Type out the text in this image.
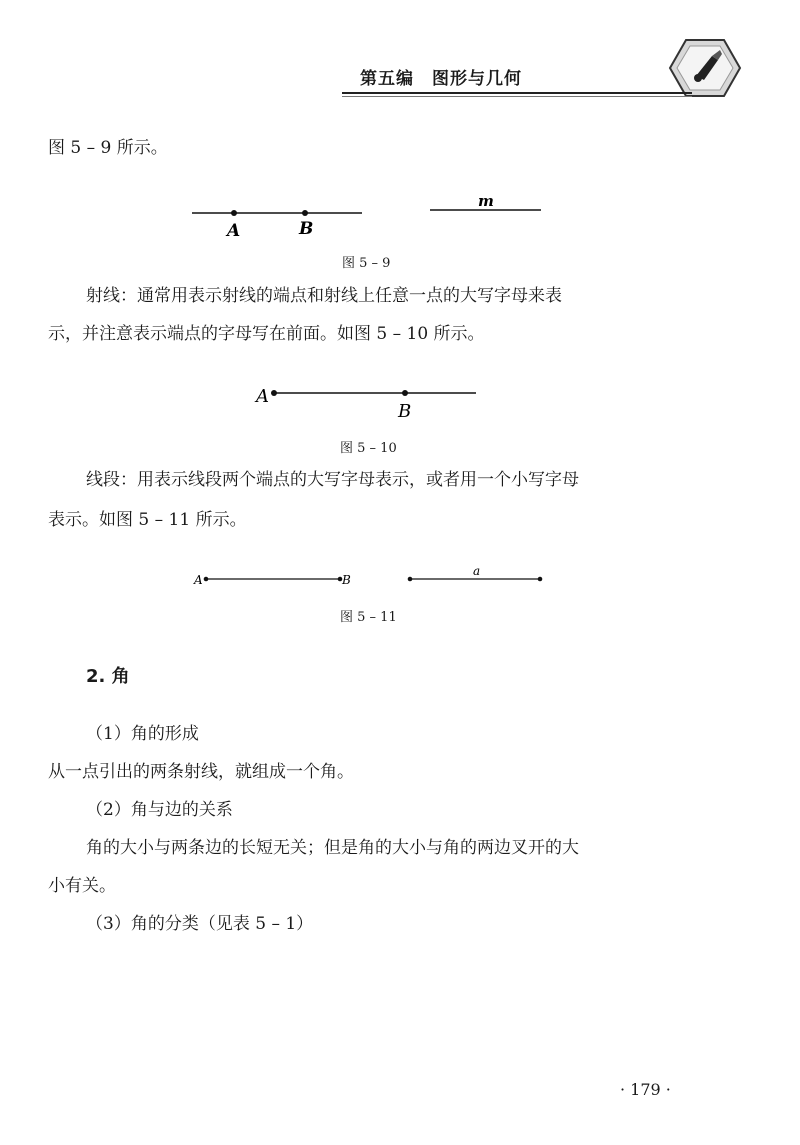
第五编　图形与几何
图 5 – 9 所示。
A	B
m
图 5 – 9
射线：通常用表示射线的端点和射线上任意一点的大写字母来表
示，并注意表示端点的字母写在前面。如图 5 – 10 所示。
A
B
图 5 – 10
线段：用表示线段两个端点的大写字母表示，或者用一个小写字母
表示。如图 5 – 11 所示。
A	B
a
图 5 – 11
2. 角
（1）角的形成
从一点引出的两条射线，就组成一个角。
（2）角与边的关系
角的大小与两条边的长短无关；但是角的大小与角的两边叉开的大
小有关。
（3）角的分类（见表 5 – 1）
· 179 ·
